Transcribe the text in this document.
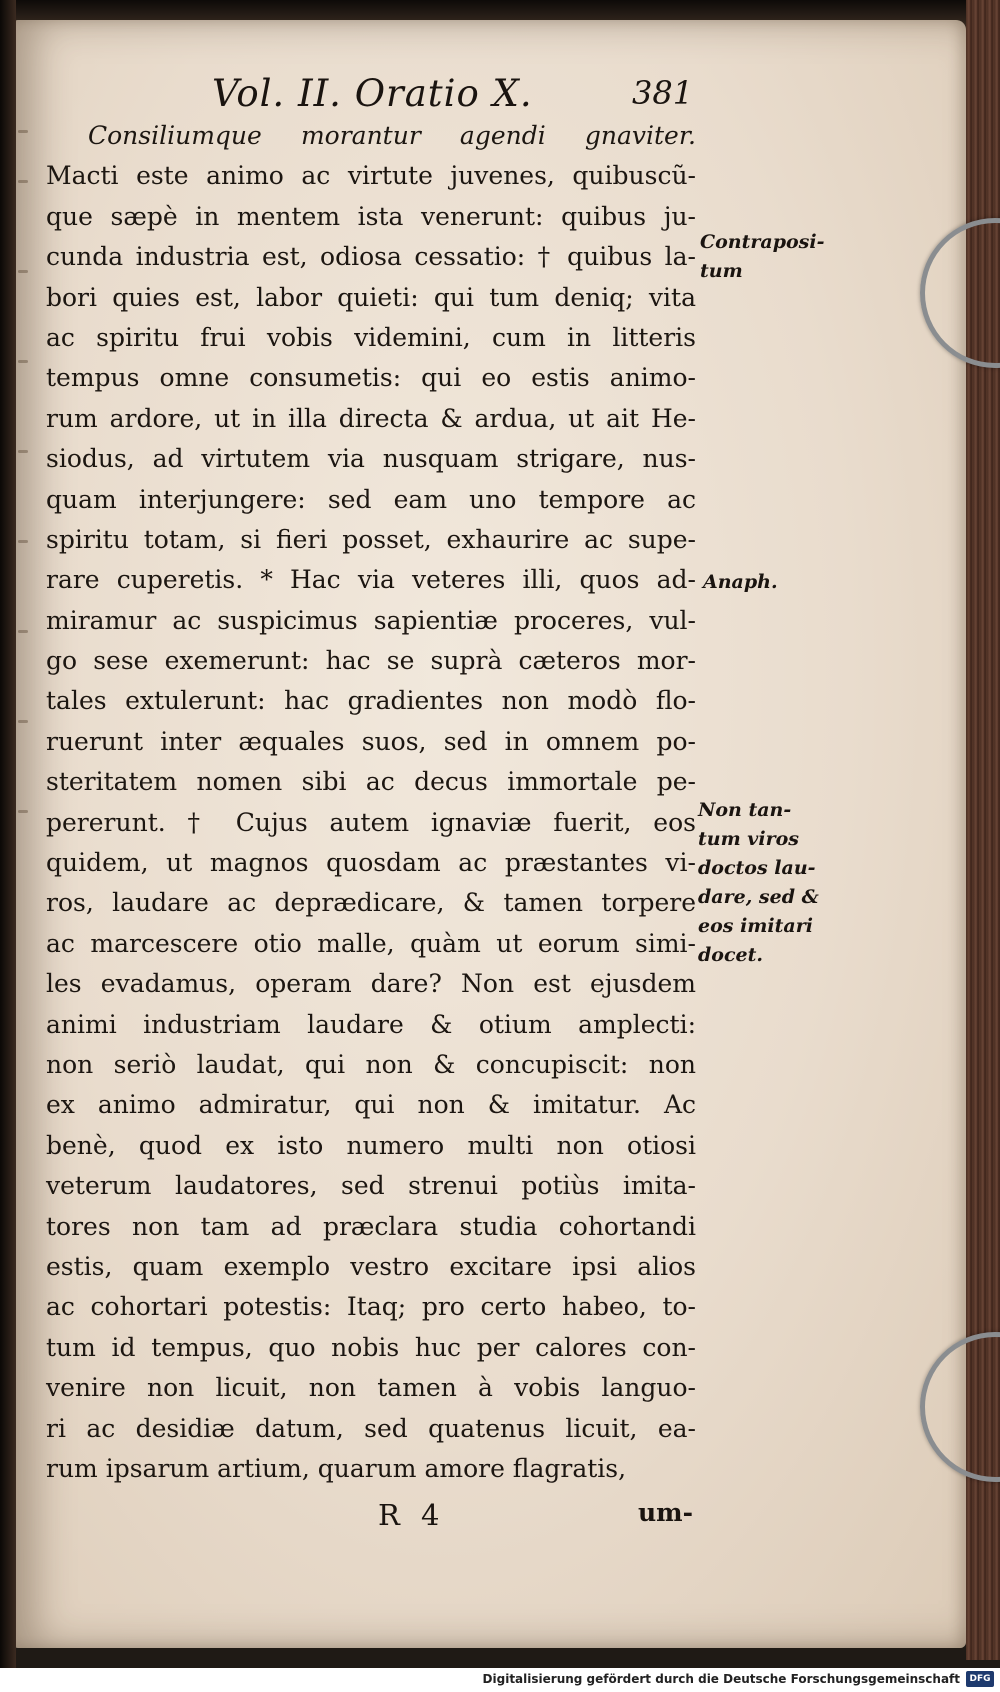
Vol. II. Oratio X.	381
Consiliumque morantur agendi gnaviter.
Macti este animo ac virtute juvenes, quibuscũ-
que sæpè in mentem ista venerunt: quibus ju-
cunda industria est, odiosa cessatio: † quibus la-
bori quies est, labor quieti: qui tum deniq; vita
ac spiritu frui vobis videmini, cum in litteris
tempus omne consumetis: qui eo estis animo-
rum ardore, ut in illa directa & ardua, ut ait He-
siodus, ad virtutem via nusquam strigare, nus-
quam interjungere: sed eam uno tempore ac
spiritu totam, si fieri posset, exhaurire ac supe-
rare cuperetis. * Hac via veteres illi, quos ad-
miramur ac suspicimus sapientiæ proceres, vul-
go sese exemerunt: hac se suprà cæteros mor-
tales extulerunt: hac gradientes non modò flo-
ruerunt inter æquales suos, sed in omnem po-
steritatem nomen sibi ac decus immortale pe-
pererunt. † Cujus autem ignaviæ fuerit, eos
quidem, ut magnos quosdam ac præstantes vi-
ros, laudare ac deprædicare, & tamen torpere
ac marcescere otio malle, quàm ut eorum simi-
les evadamus, operam dare? Non est ejusdem
animi industriam laudare & otium amplecti:
non seriò laudat, qui non & concupiscit: non
ex animo admiratur, qui non & imitatur. Ac
benè, quod ex isto numero multi non otiosi
veterum laudatores, sed strenui potiùs imita-
tores non tam ad præclara studia cohortandi
estis, quam exemplo vestro excitare ipsi alios
ac cohortari potestis: Itaq; pro certo habeo, to-
tum id tempus, quo nobis huc per calores con-
venire non licuit, non tamen à vobis languo-
ri ac desidiæ datum, sed quatenus licuit, ea-
rum ipsarum artium, quarum amore flagratis,
Contraposi-
tum
Anaph.
Non tan-
tum viros
doctos lau-
dare, sed &
eos imitari
docet.
R 4	um-
Digitalisierung gefördert durch die Deutsche Forschungsgemeinschaft	DFG
